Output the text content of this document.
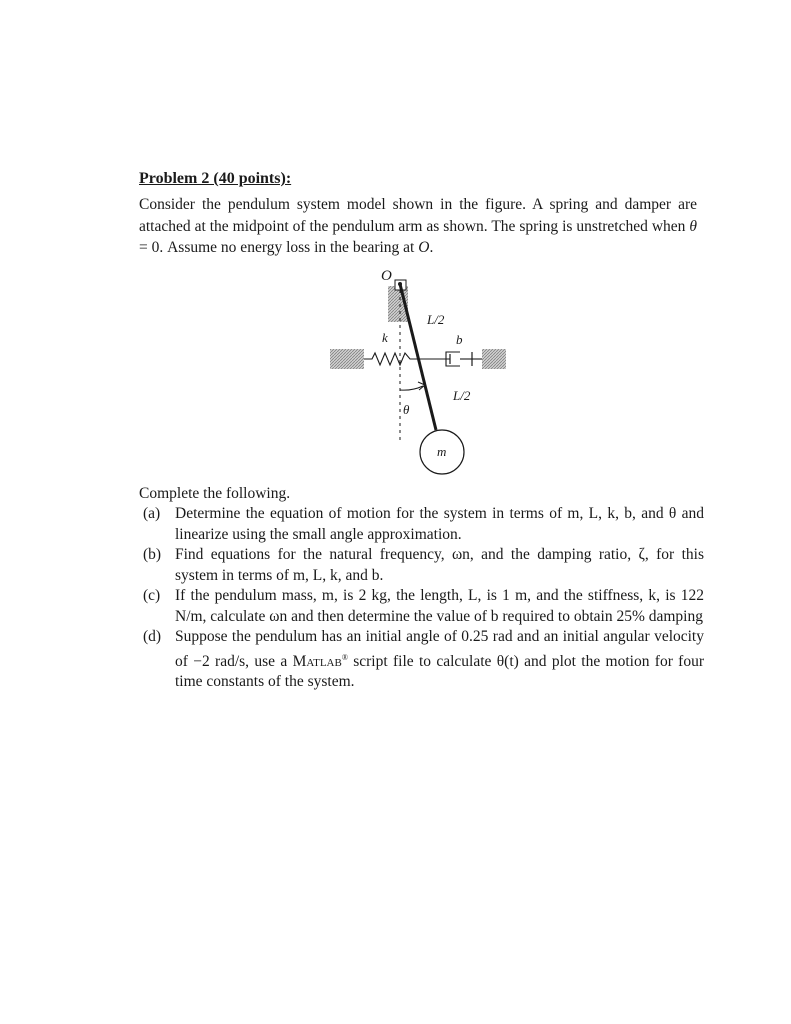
Problem 2 (40 points):
Consider the pendulum system model shown in the figure. A spring and damper are attached at the midpoint of the pendulum arm as shown. The spring is unstretched when θ = 0. Assume no energy loss in the bearing at O.
O
L/2
k	b
L/2
θ
m
Complete the following.
(a) Determine the equation of motion for the system in terms of m, L, k, b, and θ and linearize using the small angle approximation.
(b) Find equations for the natural frequency, ωn, and the damping ratio, ζ, for this system in terms of m, L, k, and b.
(c) If the pendulum mass, m, is 2 kg, the length, L, is 1 m, and the stiffness, k, is 122 N/m, calculate ωn and then determine the value of b required to obtain 25% damping
(d) Suppose the pendulum has an initial angle of 0.25 rad and an initial angular velocity of −2 rad/s, use a Matlab® script file to calculate θ(t) and plot the motion for four time constants of the system.
